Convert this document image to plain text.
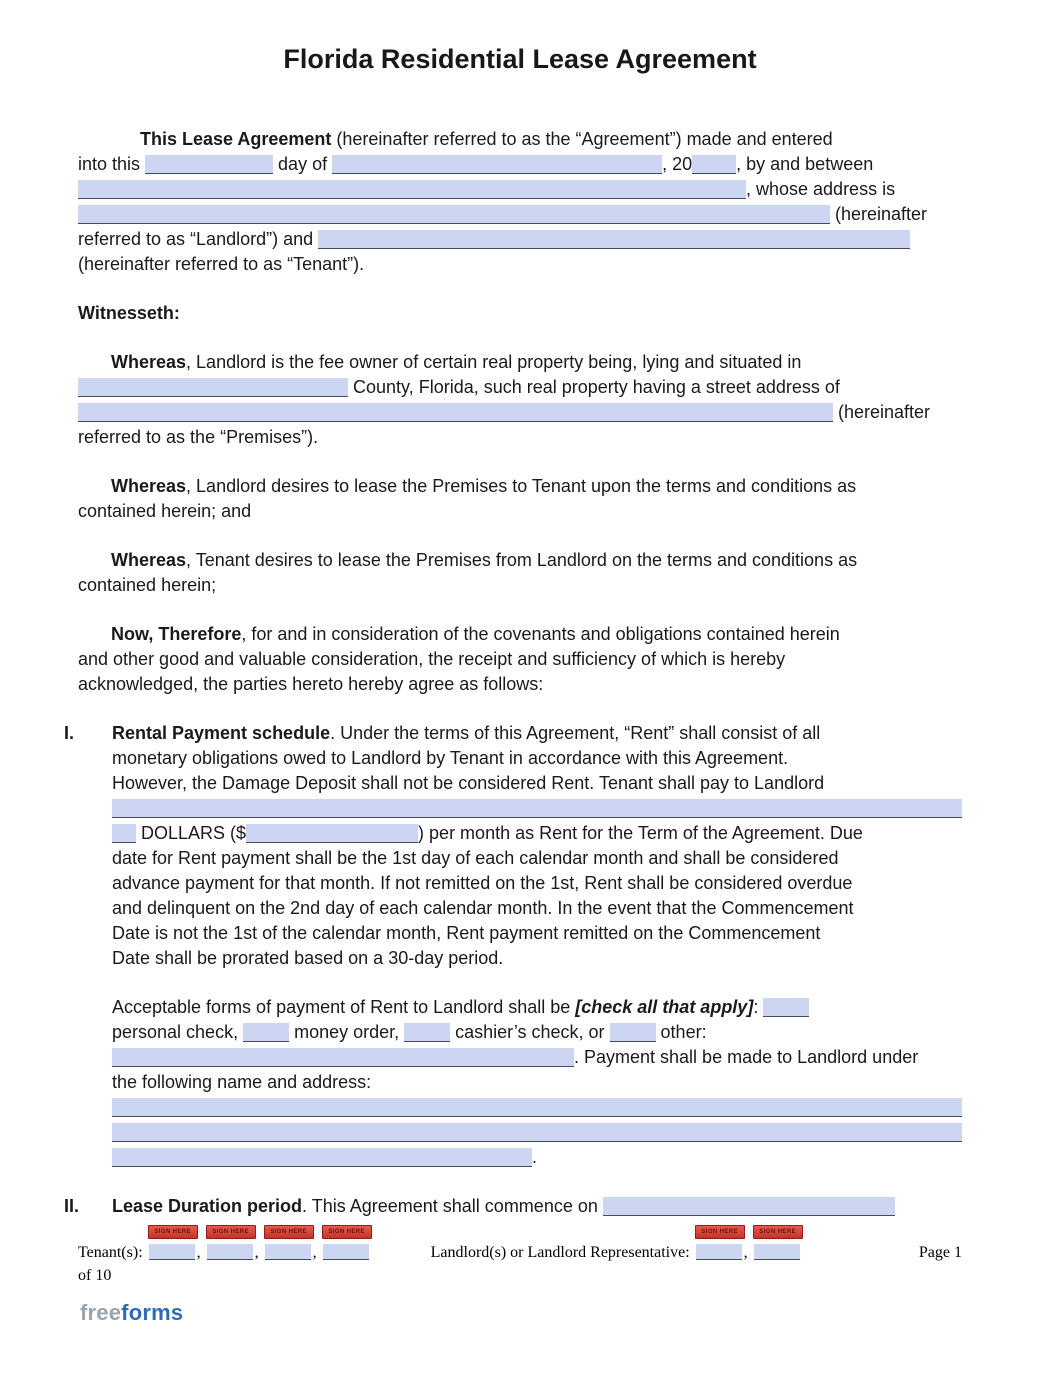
Florida Residential Lease Agreement

This Lease Agreement (hereinafter referred to as the “Agreement”) made and entered
into this	day of	, 20 , by and between
, whose address is
(hereinafter
referred to as “Landlord”) and
(hereinafter referred to as “Tenant”).

Witnesseth:

Whereas, Landlord is the fee owner of certain real property being, lying and situated in
County, Florida, such real property having a street address of
(hereinafter
referred to as the “Premises”).

Whereas, Landlord desires to lease the Premises to Tenant upon the terms and conditions as
contained herein; and

Whereas, Tenant desires to lease the Premises from Landlord on the terms and conditions as
contained herein;

Now, Therefore, for and in consideration of the covenants and obligations contained herein
and other good and valuable consideration, the receipt and sufficiency of which is hereby
acknowledged, the parties hereto hereby agree as follows:

I.	Rental Payment schedule. Under the terms of this Agreement, “Rent” shall consist of all
monetary obligations owed to Landlord by Tenant in accordance with this Agreement.
However, the Damage Deposit shall not be considered Rent. Tenant shall pay to Landlord

DOLLARS ($	) per month as Rent for the Term of the Agreement. Due
date for Rent payment shall be the 1st day of each calendar month and shall be considered
advance payment for that month. If not remitted on the 1st, Rent shall be considered overdue
and delinquent on the 2nd day of each calendar month. In the event that the Commencement
Date is not the 1st of the calendar month, Rent payment remitted on the Commencement
Date shall be prorated based on a 30-day period.

Acceptable forms of payment of Rent to Landlord shall be [check all that apply]:
personal check,	money order,	cashier’s check, or	other:
. Payment shall be made to Landlord under
the following name and address:

.

II.	Lease Duration period. This Agreement shall commence on

Tenant(s):
SIGN HERE
,
SIGN HERE
,
SIGN HERE
,
SIGN HERE
Landlord(s) or Landlord Representative:
SIGN HERE
,
SIGN HERE
Page 1
of 10
freeforms
